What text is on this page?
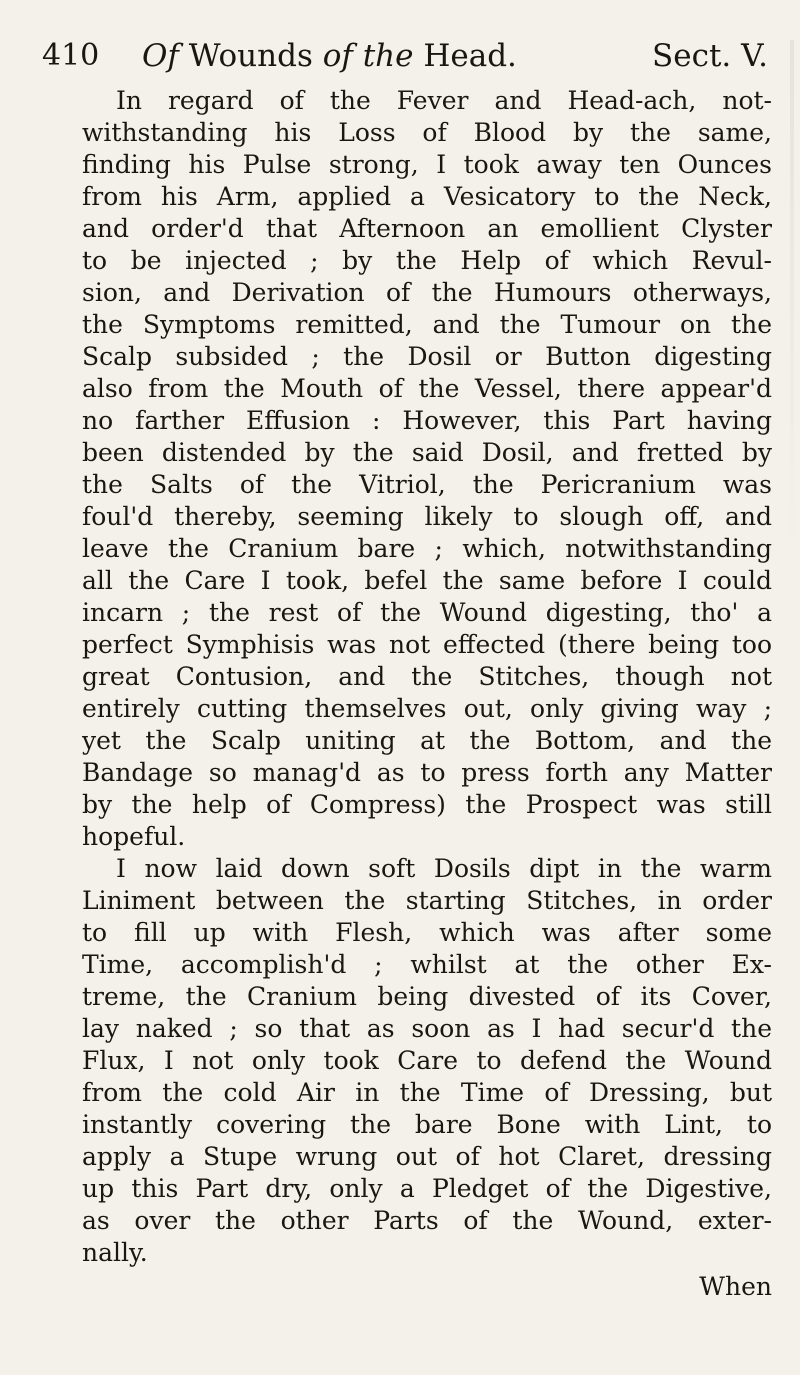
410 Of Wounds of the Head.	Sect. V.
In regard of the Fever and Head-ach, not-
withstanding his Loss of Blood by the same,
finding his Pulse strong, I took away ten Ounces
from his Arm, applied a Vesicatory to the Neck,
and order'd that Afternoon an emollient Clyster
to be injected ; by the Help of which Revul-
sion, and Derivation of the Humours otherways,
the Symptoms remitted, and the Tumour on the
Scalp subsided ; the Dosil or Button digesting
also from the Mouth of the Vessel, there appear'd
no farther Effusion : However, this Part having
been distended by the said Dosil, and fretted by
the Salts of the Vitriol, the Pericranium was
foul'd thereby, seeming likely to slough off, and
leave the Cranium bare ; which, notwithstanding
all the Care I took, befel the same before I could
incarn ; the rest of the Wound digesting, tho' a
perfect Symphisis was not effected (there being too
great Contusion, and the Stitches, though not
entirely cutting themselves out, only giving way ;
yet the Scalp uniting at the Bottom, and the
Bandage so manag'd as to press forth any Matter
by the help of Compress) the Prospect was still
hopeful.
I now laid down soft Dosils dipt in the warm
Liniment between the starting Stitches, in order
to fill up with Flesh, which was after some
Time, accomplish'd ; whilst at the other Ex-
treme, the Cranium being divested of its Cover,
lay naked ; so that as soon as I had secur'd the
Flux, I not only took Care to defend the Wound
from the cold Air in the Time of Dressing, but
instantly covering the bare Bone with Lint, to
apply a Stupe wrung out of hot Claret, dressing
up this Part dry, only a Pledget of the Digestive,
as over the other Parts of the Wound, exter-
nally.
When
